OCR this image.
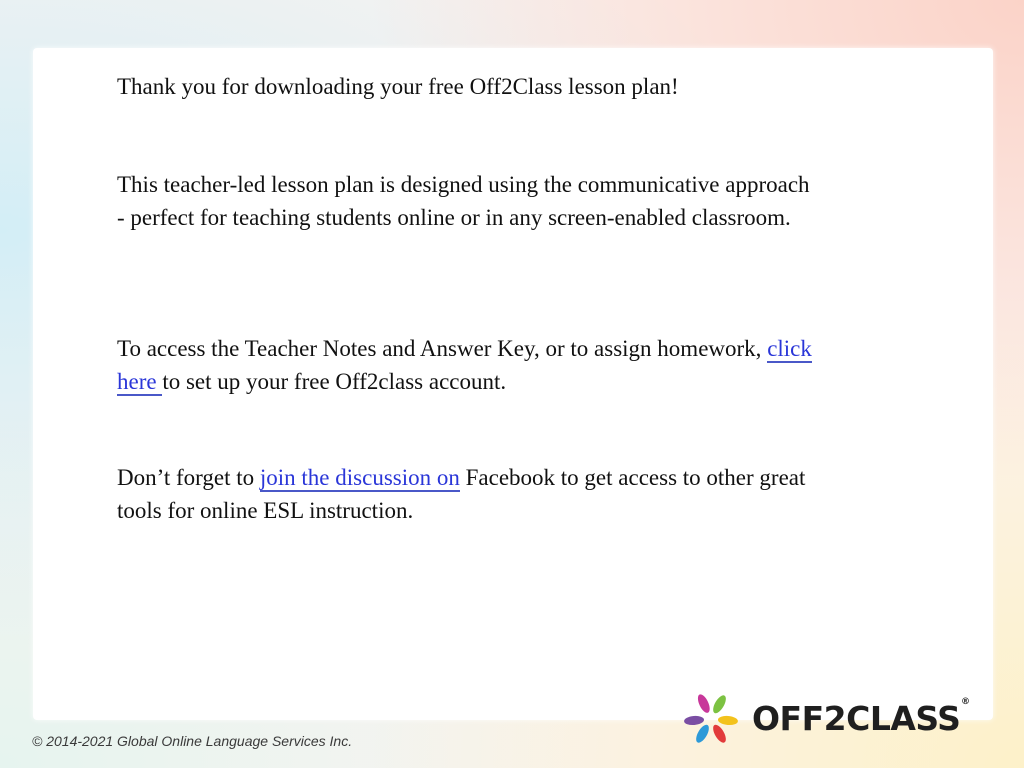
Thank you for downloading your free Off2Class lesson plan!

This teacher-led lesson plan is designed using the communicative approach - perfect for teaching students online or in any screen-enabled classroom.

To access the Teacher Notes and Answer Key, or to assign homework, click here to set up your free Off2class account.

Don’t forget to join the discussion on Facebook to get access to other great tools for online ESL instruction.

© 2014-2021 Global Online Language Services Inc.
OFF2CLASS ®
